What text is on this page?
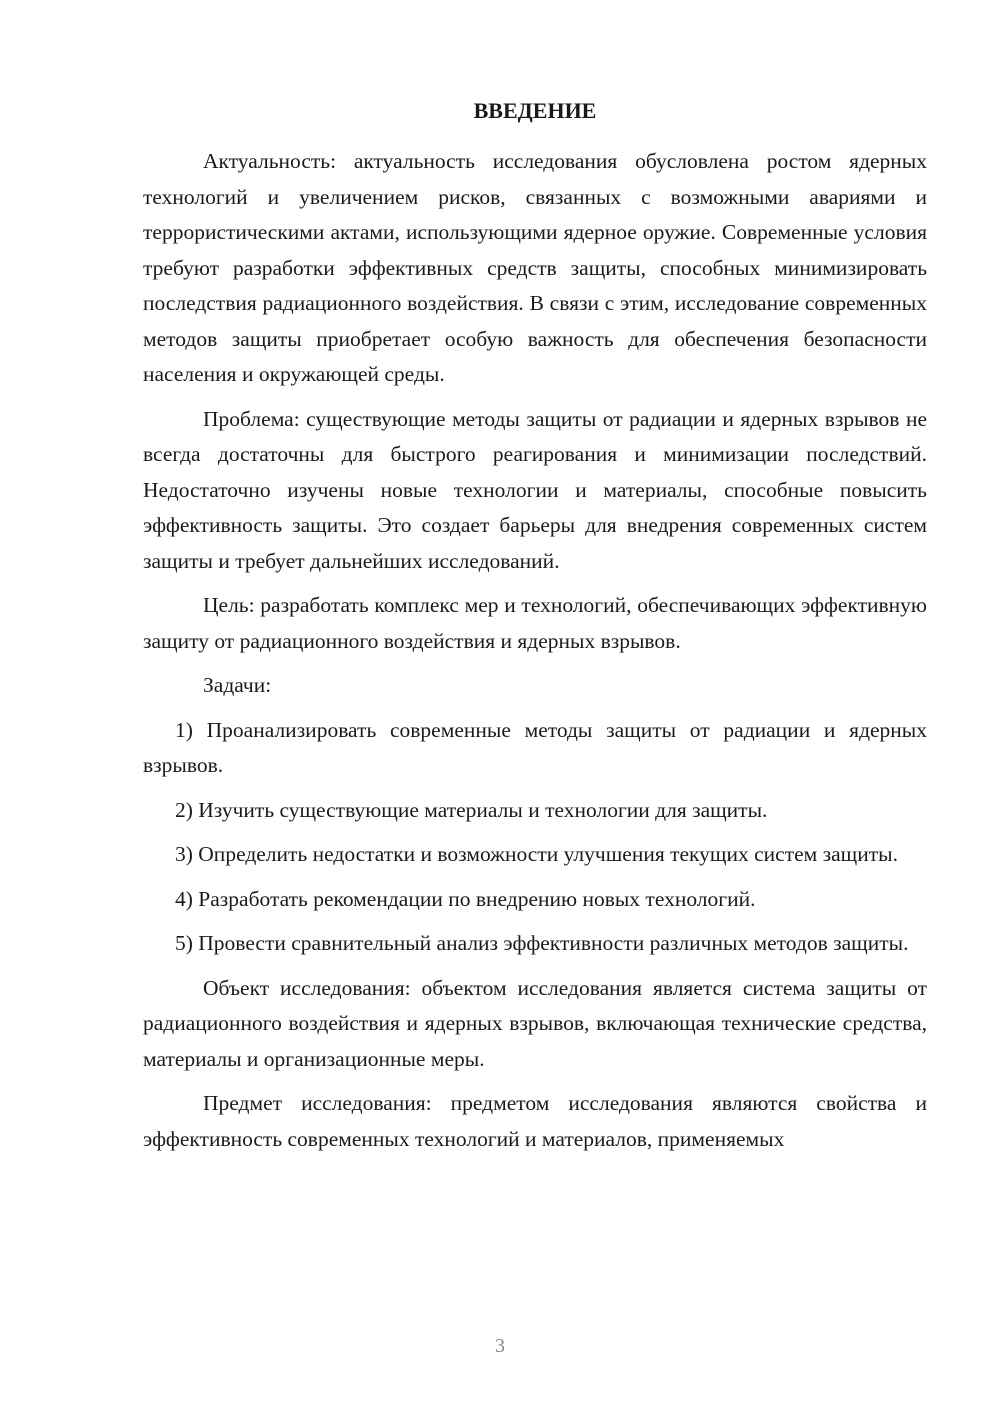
ВВЕДЕНИЕ

Актуальность: актуальность исследования обусловлена ростом ядерных технологий и увеличением рисков, связанных с возможными авариями и террористическими актами, использующими ядерное оружие. Современные условия требуют разработки эффективных средств защиты, способных минимизировать последствия радиационного воздействия. В связи с этим, исследование современных методов защиты приобретает особую важность для обеспечения безопасности населения и окружающей среды.

Проблема: существующие методы защиты от радиации и ядерных взрывов не всегда достаточны для быстрого реагирования и минимизации последствий. Недостаточно изучены новые технологии и материалы, способные повысить эффективность защиты. Это создает барьеры для внедрения современных систем защиты и требует дальнейших исследований.

Цель: разработать комплекс мер и технологий, обеспечивающих эффективную защиту от радиационного воздействия и ядерных взрывов.

Задачи:

1) Проанализировать современные методы защиты от радиации и ядерных взрывов.

2) Изучить существующие материалы и технологии для защиты.

3) Определить недостатки и возможности улучшения текущих систем защиты.

4) Разработать рекомендации по внедрению новых технологий.

5) Провести сравнительный анализ эффективности различных методов защиты.

Объект исследования: объектом исследования является система защиты от радиационного воздействия и ядерных взрывов, включающая технические средства, материалы и организационные меры.

Предмет исследования: предметом исследования являются свойства и эффективность современных технологий и материалов, применяемых

3
